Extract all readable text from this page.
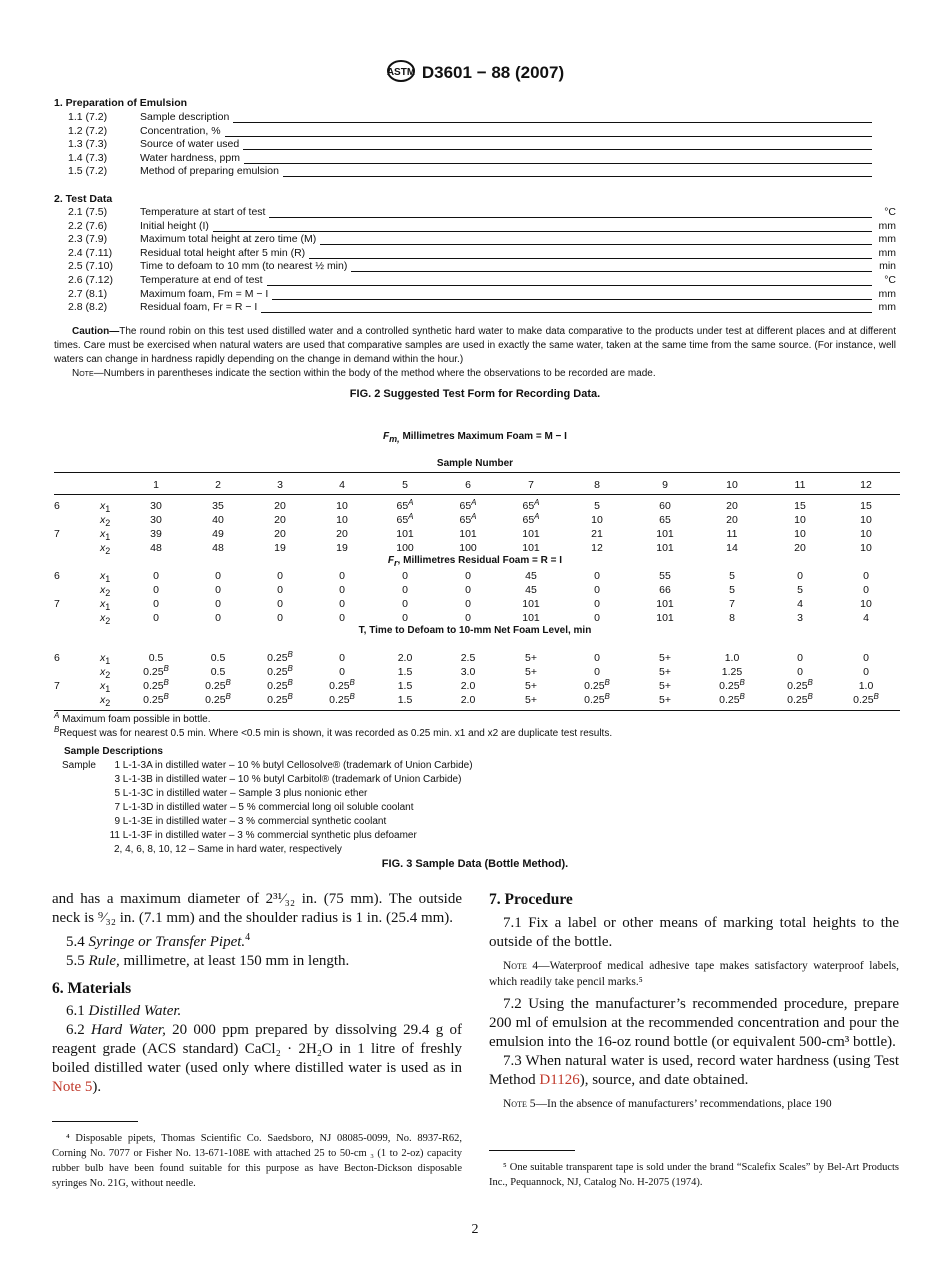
ASTM D3601 − 88 (2007)
1. Preparation of Emulsion
1.1 (7.2)	Sample description
1.2 (7.2)	Concentration, %
1.3 (7.3)	Source of water used
1.4 (7.3)	Water hardness, ppm
1.5 (7.2)	Method of preparing emulsion
2. Test Data
2.1 (7.5)	Temperature at start of test	°C
2.2 (7.6)	Initial height (I)	mm
2.3 (7.9)	Maximum total height at zero time (M)	mm
2.4 (7.11)	Residual total height after 5 min (R)	mm
2.5 (7.10)	Time to defoam to 10 mm (to nearest ½ min)	min
2.6 (7.12)	Temperature at end of test	°C
2.7 (8.1)	Maximum foam, Fm = M − I	mm
2.8 (8.2)	Residual foam, Fr = R − I	mm
Caution—The round robin on this test used distilled water and a controlled synthetic hard water to make data comparative to the products under test at different places and at different times. Care must be exercised when natural waters are used that comparative samples are used in exactly the same water, taken at the same time from the same source. (For instance, well waters can change in hardness rapidly depending on the change in demand within the hour.)
Note—Numbers in parentheses indicate the section within the body of the method where the observations to be recorded are made.
FIG. 2 Suggested Test Form for Recording Data.
Fm, Millimetres Maximum Foam = M − I
Sample Number
1	2	3	4	5	6	7	8	9	10	11	12
6	x1	30	35	20	10	$65^A$	$65^A$	$65^A$	5	60	20	15	15
x2	30	40	20	10	$65^A$	$65^A$	$65^A$	10	65	20	10	10
7	x1	39	49	20	20	101	101	101	21	101	11	10	10
x2	48	48	19	19	100	100	101	12	101	14	20	10
Fr, Millimetres Residual Foam = R = I
6	x1	0	0	0	0	0	0	45	0	55	5	0	0
x2	0	0	0	0	0	0	45	0	66	5	5	0
7	x1	0	0	0	0	0	0	101	0	101	7	4	10
x2	0	0	0	0	0	0	101	0	101	8	3	4
T, Time to Defoam to 10-mm Net Foam Level, min
6	x1	0.5	0.5	$0.25^B$	0	2.0	2.5	5+	0	5+	1.0	0	0
x2	$0.25^B$	0.5	$0.25^B$	0	1.5	3.0	5+	0	5+	1.25	0	0
7	x1	$0.25^B$	$0.25^B$	$0.25^B$	$0.25^B$	1.5	2.0	5+	$0.25^B$	5+	$0.25^B$	$0.25^B$	1.0
x2	$0.25^B$	$0.25^B$	$0.25^B$	$0.25^B$	1.5	2.0	5+	$0.25^B$	5+	$0.25^B$	$0.25^B$	$0.25^B$
$^A$ Maximum foam possible in bottle.
$^B$Request was for nearest 0.5 min. Where <0.5 min is shown, it was recorded as 0.25 min. x1 and x2 are duplicate test results.
Sample Descriptions
Sample	1 L-1-3A in distilled water – 10 % butyl Cellosolve® (trademark of Union Carbide)
3 L-1-3B in distilled water – 10 % butyl Carbitol® (trademark of Union Carbide)
5 L-1-3C in distilled water – Sample 3 plus nonionic ether
7 L-1-3D in distilled water – 5 % commercial long oil soluble coolant
9 L-1-3E in distilled water – 3 % commercial synthetic coolant
11 L-1-3F in distilled water – 3 % commercial synthetic plus defoamer
2, 4, 6, 8, 10, 12 – Same in hard water, respectively
FIG. 3 Sample Data (Bottle Method).
and has a maximum diameter of 2³¹⁄₃₂ in. (75 mm). The outside neck is ⁹⁄₃₂ in. (7.1 mm) and the shoulder radius is 1 in. (25.4 mm).
5.4 Syringe or Transfer Pipet.$^4$
5.5 Rule, millimetre, at least 150 mm in length.
6. Materials
6.1 Distilled Water.
6.2 Hard Water, 20 000 ppm prepared by dissolving 29.4 g of reagent grade (ACS standard) CaCl₂ · 2H₂O in 1 litre of freshly boiled distilled water (used only where distilled water is used as in Note 5).
⁴ Disposable pipets, Thomas Scientific Co. Saedsboro, NJ 08085-0099, No. 8937-R62, Corning No. 7077 or Fisher No. 13-671-108E with attached 25 to 50-cm ₃ (1 to 2-oz) capacity rubber bulb have been found suitable for this purpose as have Becton-Dickson disposable syringes No. 21G, without needle.
7. Procedure
7.1 Fix a label or other means of marking total heights to the outside of the bottle.
Note 4—Waterproof medical adhesive tape makes satisfactory waterproof labels, which readily take pencil marks.⁵
7.2 Using the manufacturer’s recommended procedure, prepare 200 ml of emulsion at the recommended concentration and pour the emulsion into the 16-oz round bottle (or equivalent 500-cm³ bottle).
7.3 When natural water is used, record water hardness (using Test Method D1126), source, and date obtained.
Note 5—In the absence of manufacturers’ recommendations, place 190
⁵ One suitable transparent tape is sold under the brand “Scalefix Scales” by Bel-Art Products Inc., Pequannock, NJ, Catalog No. H-2075 (1974).
2
